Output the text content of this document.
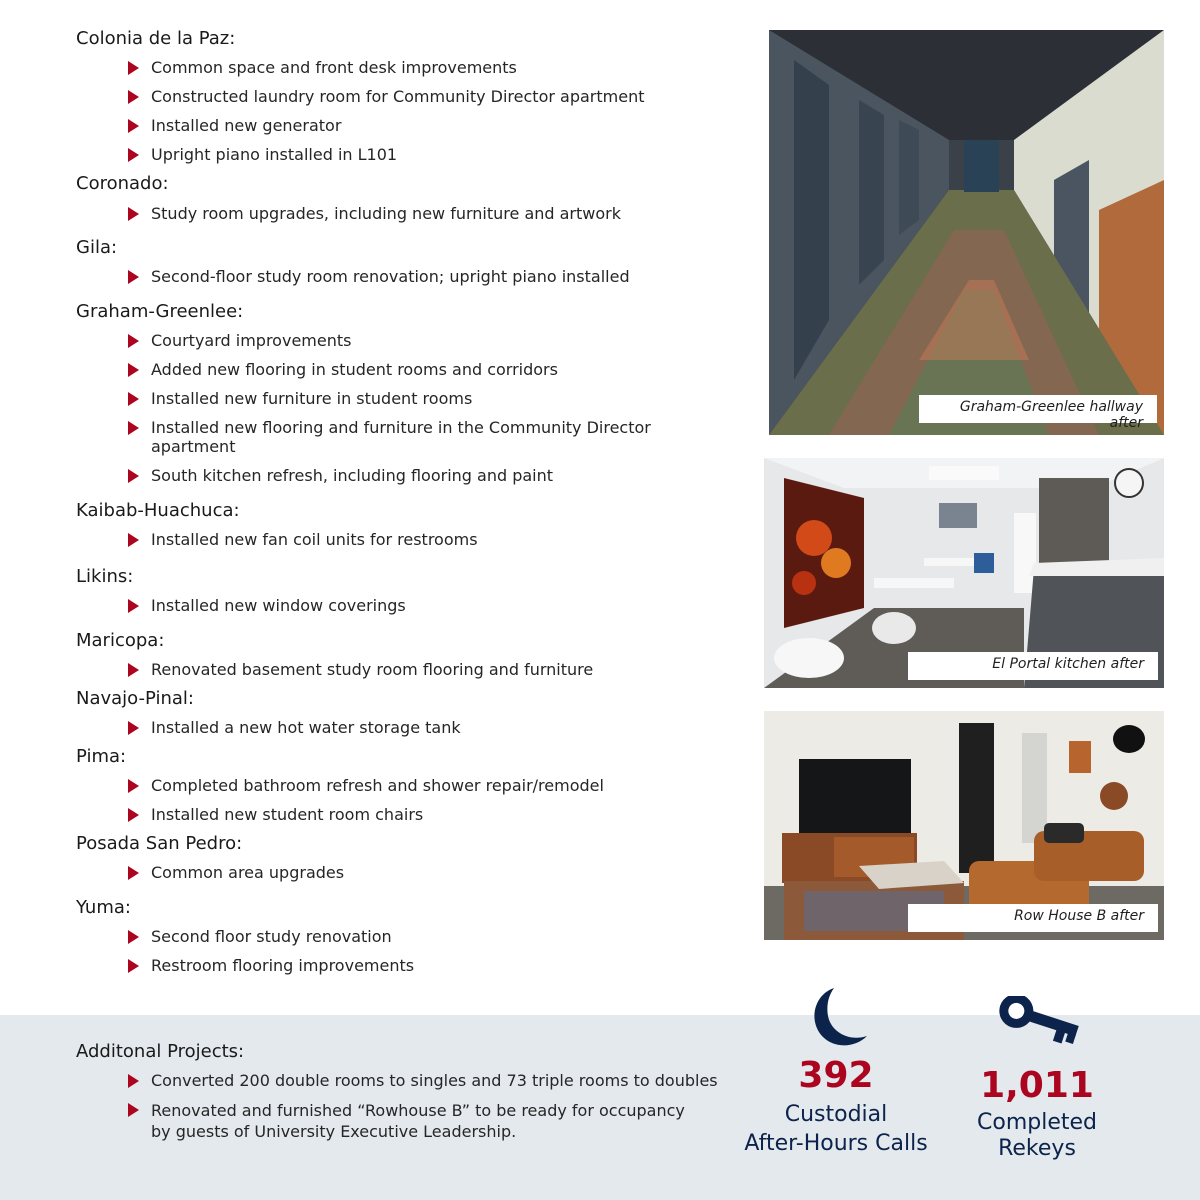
Colonia de la Paz:
Common space and front desk improvements
Constructed laundry room for Community Director apartment
Installed new generator
Upright piano installed in L101
Coronado:
Study room upgrades, including new furniture and artwork
Gila:
Second-floor study room renovation; upright piano installed
Graham-Greenlee:
Courtyard improvements
Added new flooring in student rooms and corridors
Installed new furniture in student rooms
Installed new flooring and furniture in the Community Director apartment
South kitchen refresh, including flooring and paint
Kaibab-Huachuca:
Installed new fan coil units for restrooms
Likins:
Installed new window coverings
Maricopa:
Renovated basement study room flooring and furniture
Navajo-Pinal:
Installed a new hot water storage tank
Pima:
Completed bathroom refresh and shower repair/remodel
Installed new student room chairs
Posada San Pedro:
Common area upgrades
Yuma:
Second floor study renovation
Restroom flooring improvements
Graham-Greenlee hallway after
El Portal kitchen after
Row House B after
Additonal Projects:
Converted 200 double rooms to singles and 73 triple rooms to doubles
Renovated and furnished “Rowhouse B” to be ready for occupancy by guests of University Executive Leadership.
392
Custodial
After-Hours Calls
1,011
Completed
Rekeys
